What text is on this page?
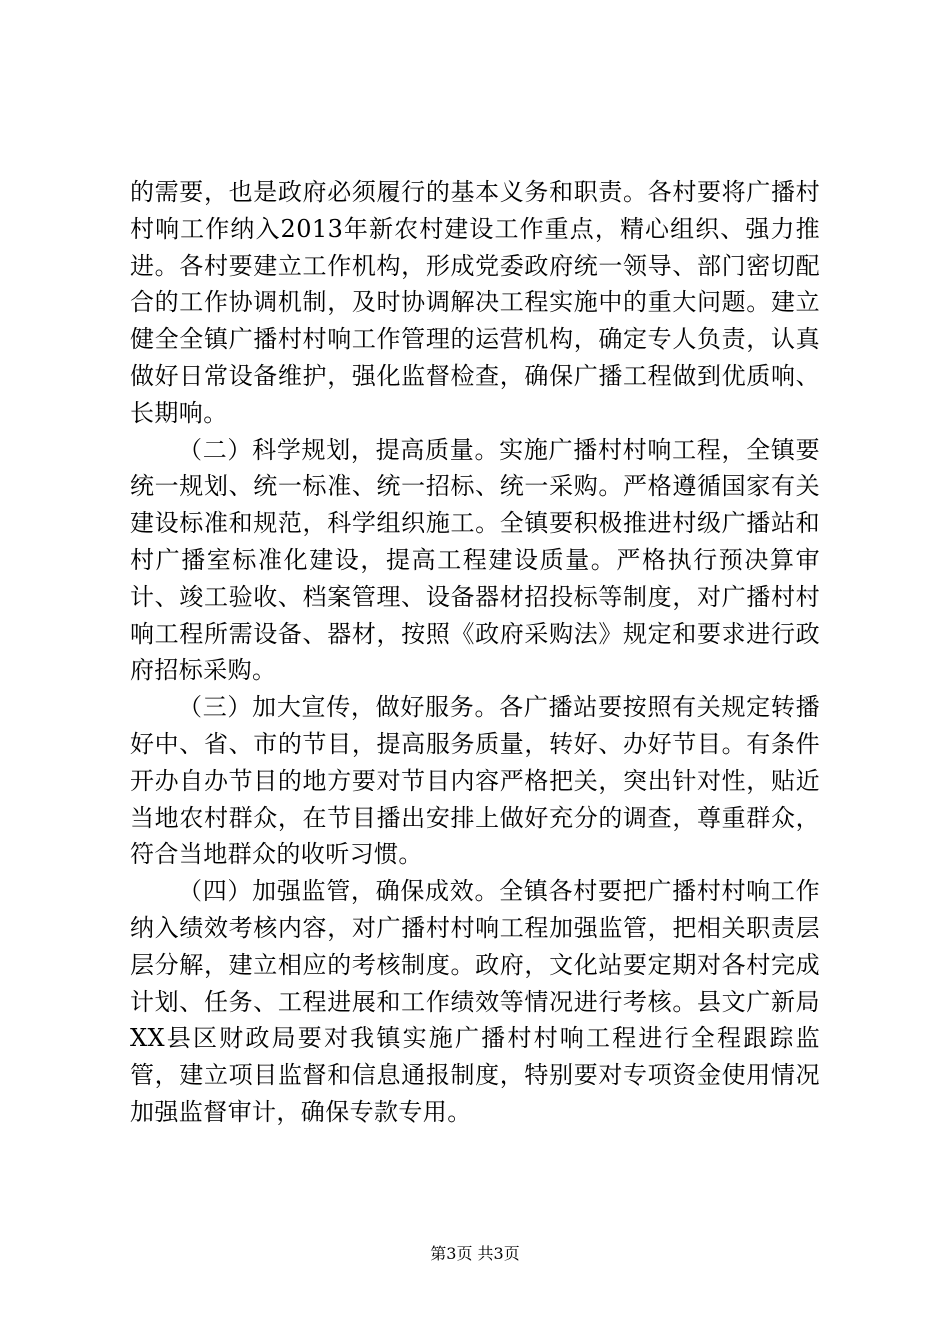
的需要，也是政府必须履行的基本义务和职责。各村要将广播村村响工作纳入2013年新农村建设工作重点，精心组织、强力推进。各村要建立工作机构，形成党委政府统一领导、部门密切配合的工作协调机制，及时协调解决工程实施中的重大问题。建立健全全镇广播村村响工作管理的运营机构，确定专人负责，认真做好日常设备维护，强化监督检查，确保广播工程做到优质响、长期响。

（二）科学规划，提高质量。实施广播村村响工程，全镇要统一规划、统一标准、统一招标、统一采购。严格遵循国家有关建设标准和规范，科学组织施工。全镇要积极推进村级广播站和村广播室标准化建设，提高工程建设质量。严格执行预决算审计、竣工验收、档案管理、设备器材招投标等制度，对广播村村响工程所需设备、器材，按照《政府采购法》规定和要求进行政府招标采购。

（三）加大宣传，做好服务。各广播站要按照有关规定转播好中、省、市的节目，提高服务质量，转好、办好节目。有条件开办自办节目的地方要对节目内容严格把关，突出针对性，贴近当地农村群众，在节目播出安排上做好充分的调查，尊重群众，符合当地群众的收听习惯。

（四）加强监管，确保成效。全镇各村要把广播村村响工作纳入绩效考核内容，对广播村村响工程加强监管，把相关职责层层分解，建立相应的考核制度。政府，文化站要定期对各村完成计划、任务、工程进展和工作绩效等情况进行考核。县文广新局XX县区财政局要对我镇实施广播村村响工程进行全程跟踪监管，建立项目监督和信息通报制度，特别要对专项资金使用情况加强监督审计，确保专款专用。

第3页 共3页
